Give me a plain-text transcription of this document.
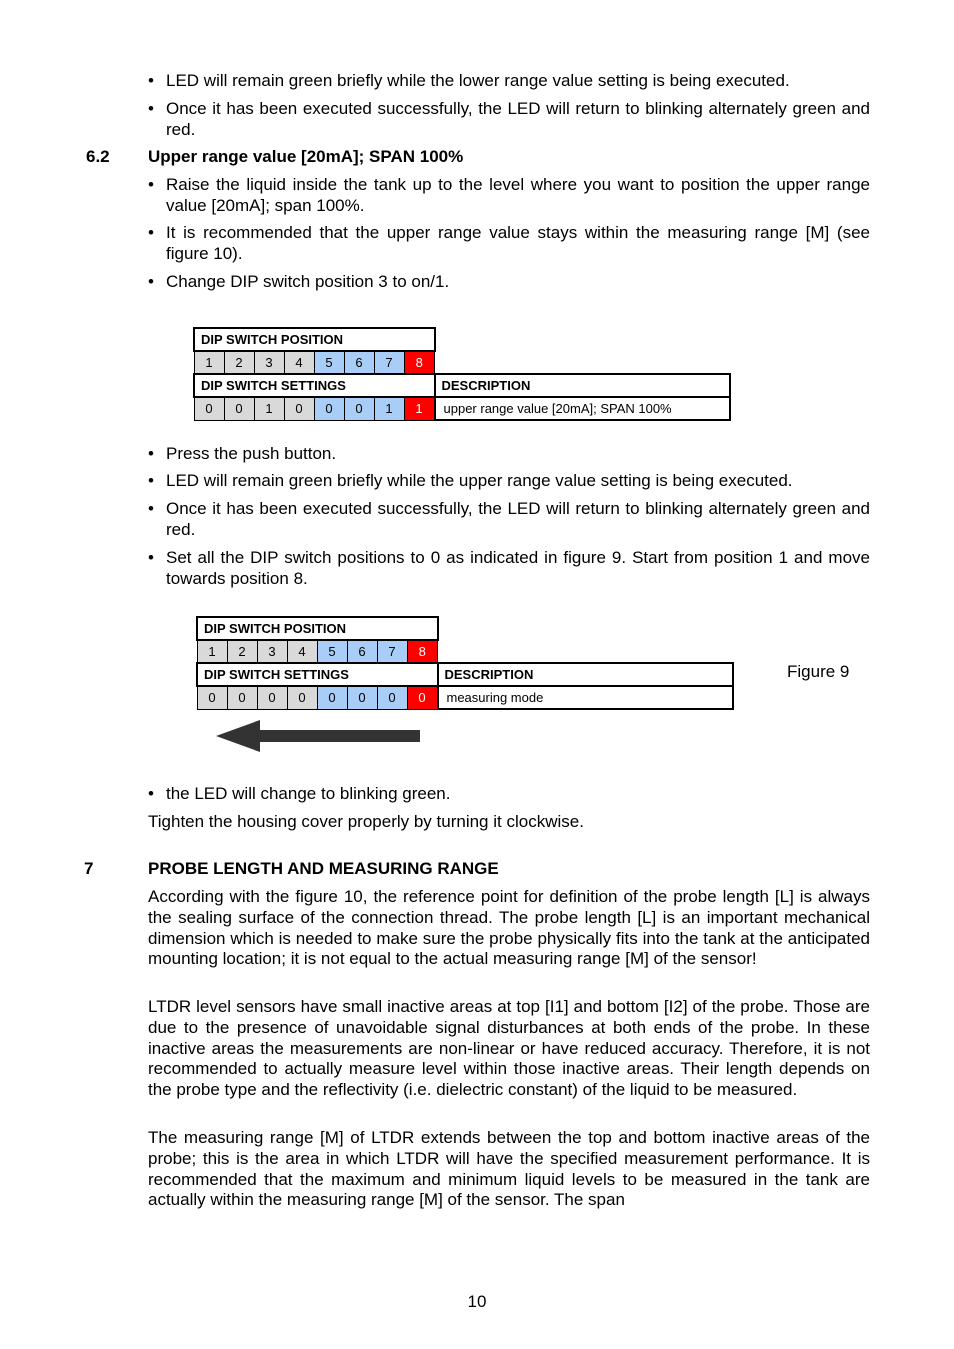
• LED will remain green briefly while the lower range value setting is being executed.
• Once it has been executed successfully, the LED will return to blinking alternately green and red.
6.2 Upper range value [20mA]; SPAN 100%
• Raise the liquid inside the tank up to the level where you want to position the upper range value [20mA]; span 100%.
• It is recommended that the upper range value stays within the measuring range [M] (see figure 10).
• Change DIP switch position 3 to on/1.
DIP SWITCH POSITION								
1	2	3	4	5	6	7	8	
DIP SWITCH SETTINGS								DESCRIPTION
0	0	1	0	0	0	1	1	upper range value [20mA]; SPAN 100%
• Press the push button.
• LED will remain green briefly while the upper range value setting is being executed.
• Once it has been executed successfully, the LED will return to blinking alternately green and red.
• Set all the DIP switch positions to 0 as indicated in figure 9. Start from position 1 and move towards position 8.
DIP SWITCH POSITION								
1	2	3	4	5	6	7	8	
DIP SWITCH SETTINGS								DESCRIPTION
0	0	0	0	0	0	0	0	measuring mode
Figure 9
• the LED will change to blinking green.
Tighten the housing cover properly by turning it clockwise.
7	PROBE LENGTH AND MEASURING RANGE
According with the figure 10, the reference point for definition of the probe length [L] is always the sealing surface of the connection thread. The probe length [L] is an important mechanical dimension which is needed to make sure the probe physically fits into the tank at the anticipated mounting location; it is not equal to the actual measuring range [M] of the sensor!
LTDR level sensors have small inactive areas at top [I1] and bottom [I2] of the probe. Those are due to the presence of unavoidable signal disturbances at both ends of the probe. In these inactive areas the measurements are non-linear or have reduced accuracy. Therefore, it is not recommended to actually measure level within those inactive areas. Their length depends on the probe type and the reflectivity (i.e. dielectric constant) of the liquid to be measured.
The measuring range [M] of LTDR extends between the top and bottom inactive areas of the probe; this is the area in which LTDR will have the specified measurement performance. It is recommended that the maximum and minimum liquid levels to be measured in the tank are actually within the measuring range [M] of the sensor. The span
10
